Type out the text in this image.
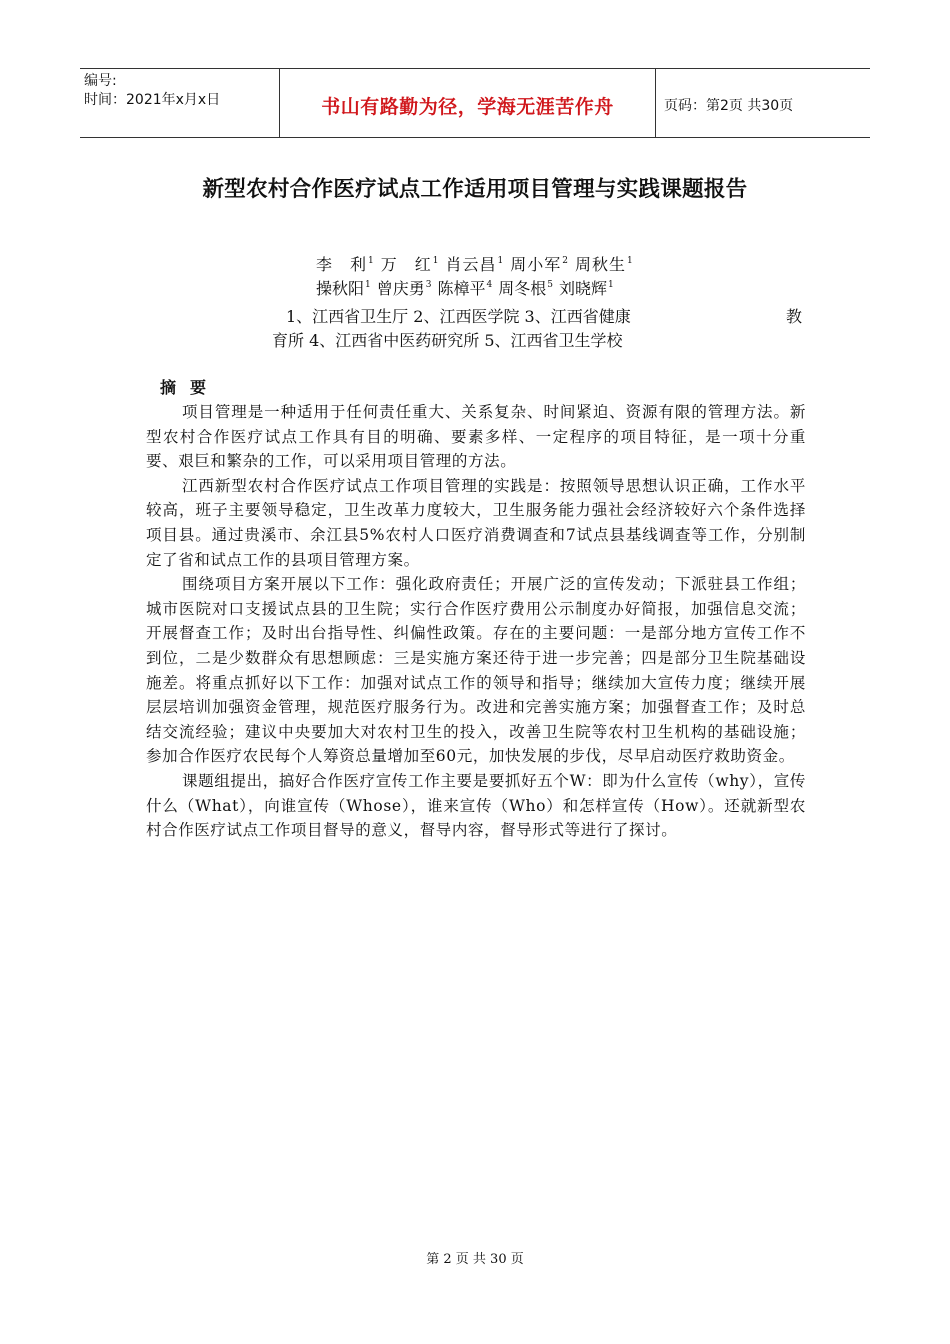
编号:
时间：2021年x月x日	书山有路勤为径，学海无涯苦作舟	页码：第2页 共30页
新型农村合作医疗试点工作适用项目管理与实践课题报告
李　利$^1$ 万　红$^1$ 肖云昌$^1$ 周小军$^2$ 周秋生$^1$
操秋阳$^1$ 曾庆勇$^3$ 陈樟平$^4$ 周冬根$^5$ 刘晓辉$^1$
1、江西省卫生厅 2、江西医学院 3、江西省健康	教
育所 4、江西省中医药研究所 5、江西省卫生学校
摘要

项目管理是一种适用于任何责任重大、关系复杂、时间紧迫、资源有限的管理方法。新型农村合作医疗试点工作具有目的明确、要素多样、一定程序的项目特征，是一项十分重要、艰巨和繁杂的工作，可以采用项目管理的方法。

江西新型农村合作医疗试点工作项目管理的实践是：按照领导思想认识正确，工作水平较高，班子主要领导稳定，卫生改革力度较大，卫生服务能力强社会经济较好六个条件选择项目县。通过贵溪市、余江县5%农村人口医疗消费调查和7试点县基线调查等工作，分别制定了省和试点工作的县项目管理方案。

围绕项目方案开展以下工作：强化政府责任；开展广泛的宣传发动；下派驻县工作组；城市医院对口支援试点县的卫生院；实行合作医疗费用公示制度办好简报，加强信息交流；开展督查工作；及时出台指导性、纠偏性政策。存在的主要问题：一是部分地方宣传工作不到位，二是少数群众有思想顾虑：三是实施方案还待于进一步完善；四是部分卫生院基础设施差。将重点抓好以下工作：加强对试点工作的领导和指导；继续加大宣传力度；继续开展层层培训加强资金管理，规范医疗服务行为。改进和完善实施方案；加强督查工作；及时总结交流经验；建议中央要加大对农村卫生的投入，改善卫生院等农村卫生机构的基础设施；参加合作医疗农民每个人筹资总量增加至60元，加快发展的步伐，尽早启动医疗救助资金。

课题组提出，搞好合作医疗宣传工作主要是要抓好五个W：即为什么宣传（why），宣传什么（What），向谁宣传（Whose），谁来宣传（Who）和怎样宣传（How）。还就新型农村合作医疗试点工作项目督导的意义，督导内容，督导形式等进行了探讨。

第 2 页 共 30 页
